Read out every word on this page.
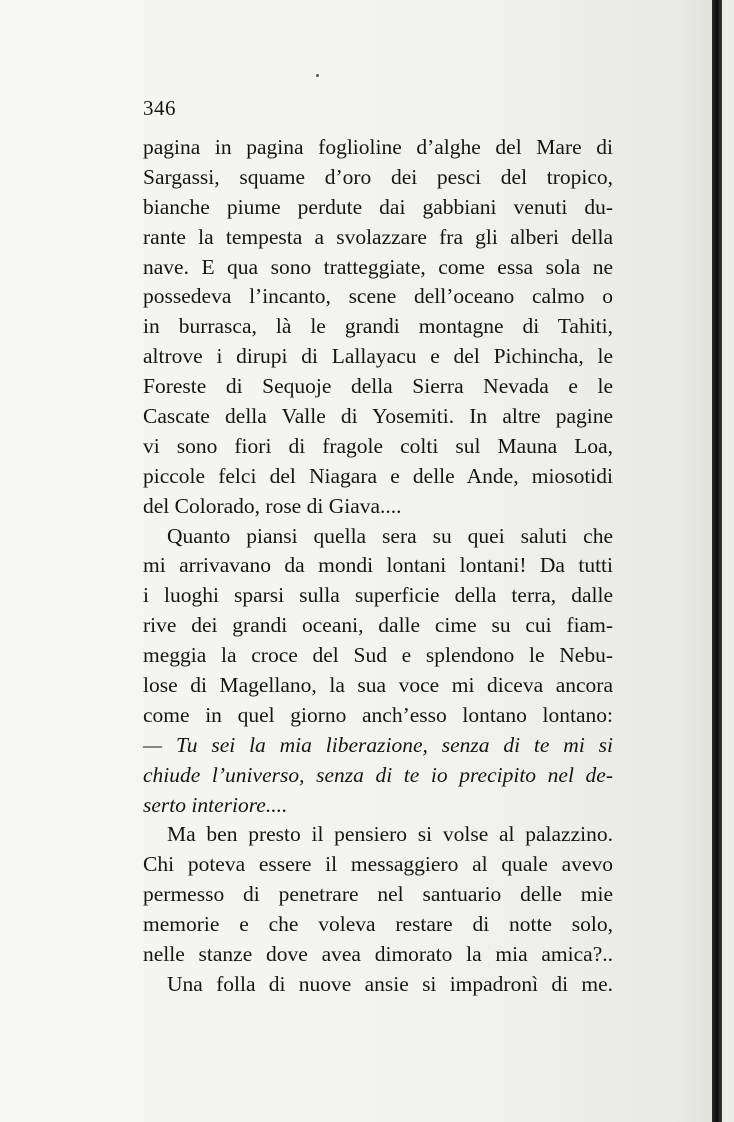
346
pagina in pagina foglioline d’alghe del Mare di
Sargassi, squame d’oro dei pesci del tropico,
bianche piume perdute dai gabbiani venuti du-
rante la tempesta a svolazzare fra gli alberi della
nave. E qua sono tratteggiate, come essa sola ne
possedeva l’incanto, scene dell’oceano calmo o
in burrasca, là le grandi montagne di Tahiti,
altrove i dirupi di Lallayacu e del Pichincha, le
Foreste di Sequoje della Sierra Nevada e le
Cascate della Valle di Yosemiti. In altre pagine
vi sono fiori di fragole colti sul Mauna Loa,
piccole felci del Niagara e delle Ande, miosotidi
del Colorado, rose di Giava....
Quanto piansi quella sera su quei saluti che
mi arrivavano da mondi lontani lontani! Da tutti
i luoghi sparsi sulla superficie della terra, dalle
rive dei grandi oceani, dalle cime su cui fiam-
meggia la croce del Sud e splendono le Nebu-
lose di Magellano, la sua voce mi diceva ancora
come in quel giorno anch’esso lontano lontano:
— Tu sei la mia liberazione, senza di te mi si
chiude l’universo, senza di te io precipito nel de-
serto interiore....
Ma ben presto il pensiero si volse al palazzino.
Chi poteva essere il messaggiero al quale avevo
permesso di penetrare nel santuario delle mie
memorie e che voleva restare di notte solo,
nelle stanze dove avea dimorato la mia amica?..
Una folla di nuove ansie si impadronì di me.
